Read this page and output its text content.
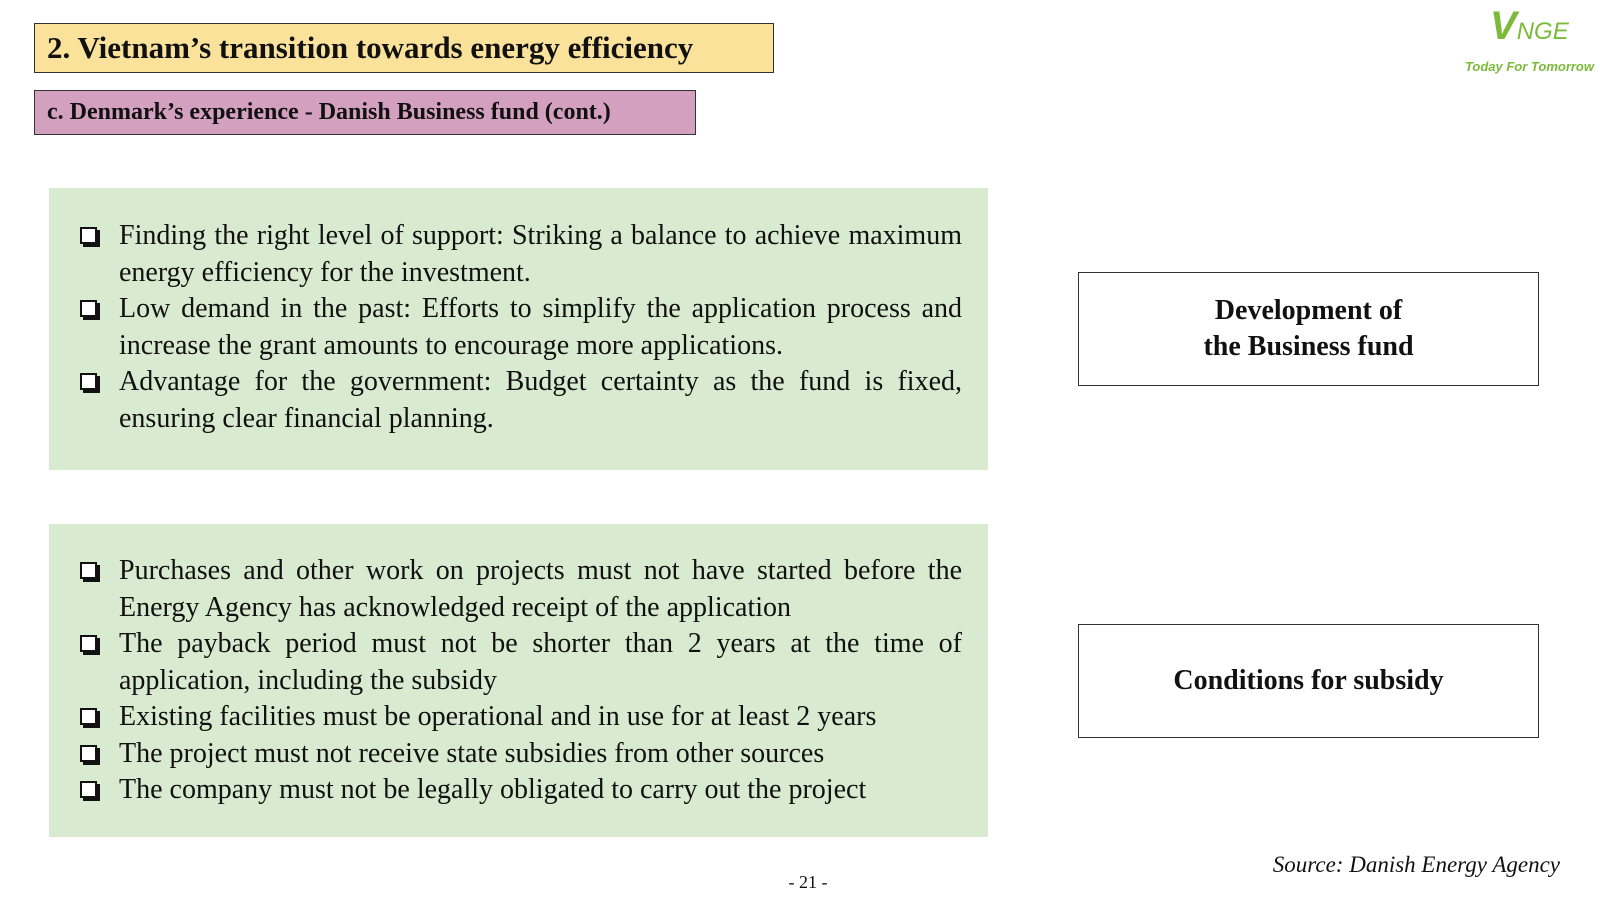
2. Vietnam’s transition towards energy efficiency
c. Denmark’s experience - Danish Business fund (cont.)
VNGE
Today For Tomorrow
Finding the right level of support: Striking a balance to achieve maximum energy efficiency for the investment.
Low demand in the past: Efforts to simplify the application process and increase the grant amounts to encourage more applications.
Advantage for the government: Budget certainty as the fund is fixed, ensuring clear financial planning.
Purchases and other work on projects must not have started before the Energy Agency has acknowledged receipt of the application
The payback period must not be shorter than 2 years at the time of application, including the subsidy
Existing facilities must be operational and in use for at least 2 years
The project must not receive state subsidies from other sources
The company must not be legally obligated to carry out the project
Development of
the Business fund
Conditions for subsidy
Source: Danish Energy Agency
- 21 -
